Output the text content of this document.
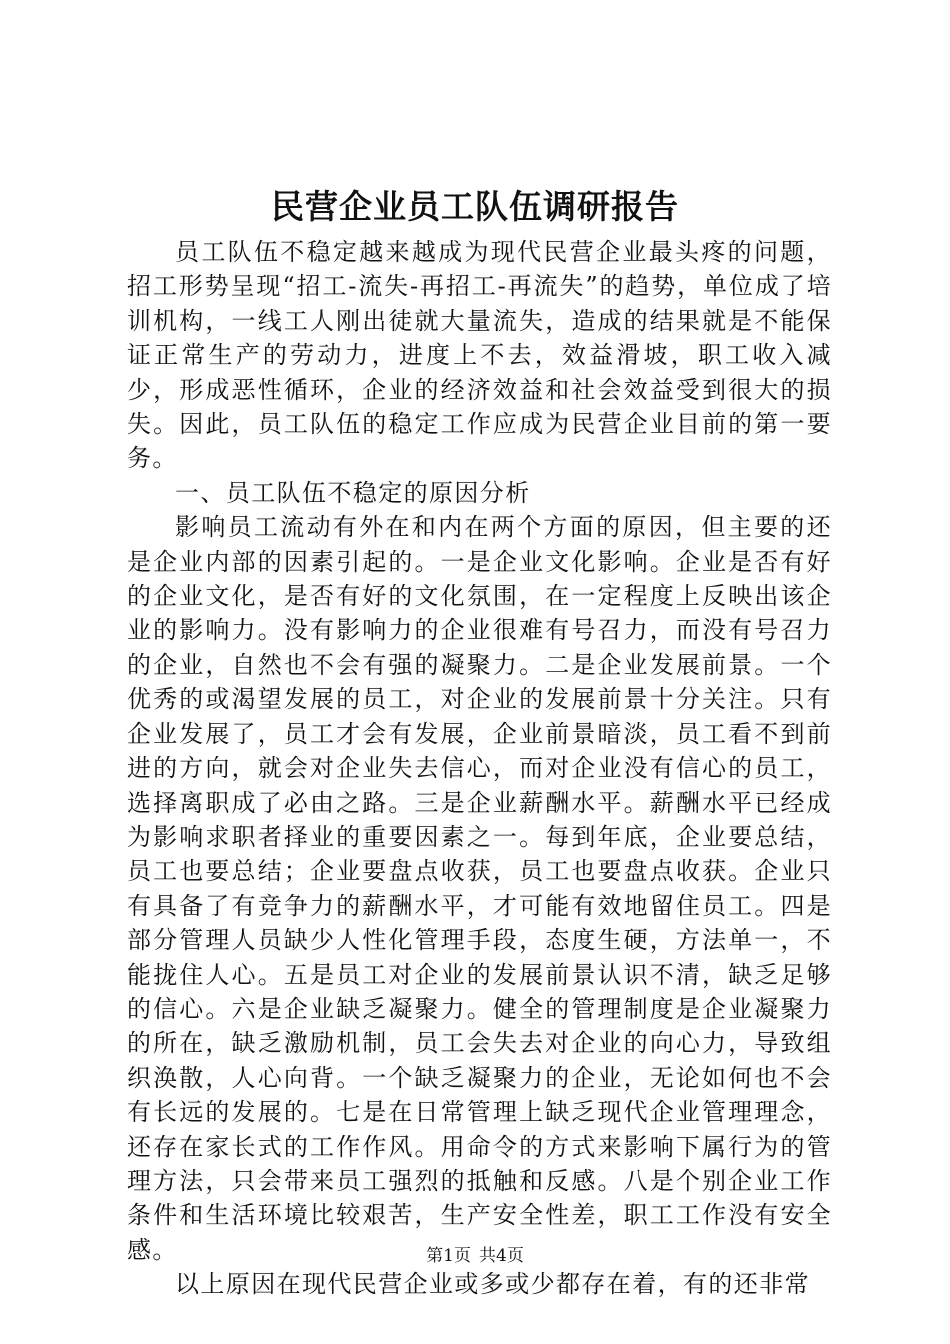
民营企业员工队伍调研报告

员工队伍不稳定越来越成为现代民营企业最头疼的问题，招工形势呈现“招工-流失-再招工-再流失”的趋势，单位成了培训机构，一线工人刚出徒就大量流失，造成的结果就是不能保证正常生产的劳动力，进度上不去，效益滑坡，职工收入减少，形成恶性循环，企业的经济效益和社会效益受到很大的损失。因此，员工队伍的稳定工作应成为民营企业目前的第一要务。

一、员工队伍不稳定的原因分析

影响员工流动有外在和内在两个方面的原因，但主要的还是企业内部的因素引起的。一是企业文化影响。企业是否有好的企业文化，是否有好的文化氛围，在一定程度上反映出该企业的影响力。没有影响力的企业很难有号召力，而没有号召力的企业，自然也不会有强的凝聚力。二是企业发展前景。一个优秀的或渴望发展的员工，对企业的发展前景十分关注。只有企业发展了，员工才会有发展，企业前景暗淡，员工看不到前进的方向，就会对企业失去信心，而对企业没有信心的员工，选择离职成了必由之路。三是企业薪酬水平。薪酬水平已经成为影响求职者择业的重要因素之一。每到年底，企业要总结，员工也要总结；企业要盘点收获，员工也要盘点收获。企业只有具备了有竞争力的薪酬水平，才可能有效地留住员工。四是部分管理人员缺少人性化管理手段，态度生硬，方法单一，不能拢住人心。五是员工对企业的发展前景认识不清，缺乏足够的信心。六是企业缺乏凝聚力。健全的管理制度是企业凝聚力的所在，缺乏激励机制，员工会失去对企业的向心力，导致组织涣散，人心向背。一个缺乏凝聚力的企业，无论如何也不会有长远的发展的。七是在日常管理上缺乏现代企业管理理念，还存在家长式的工作作风。用命令的方式来影响下属行为的管理方法，只会带来员工强烈的抵触和反感。八是个别企业工作条件和生活环境比较艰苦，生产安全性差，职工工作没有安全感。

以上原因在现代民营企业或多或少都存在着，有的还非常

第1页 共4页
